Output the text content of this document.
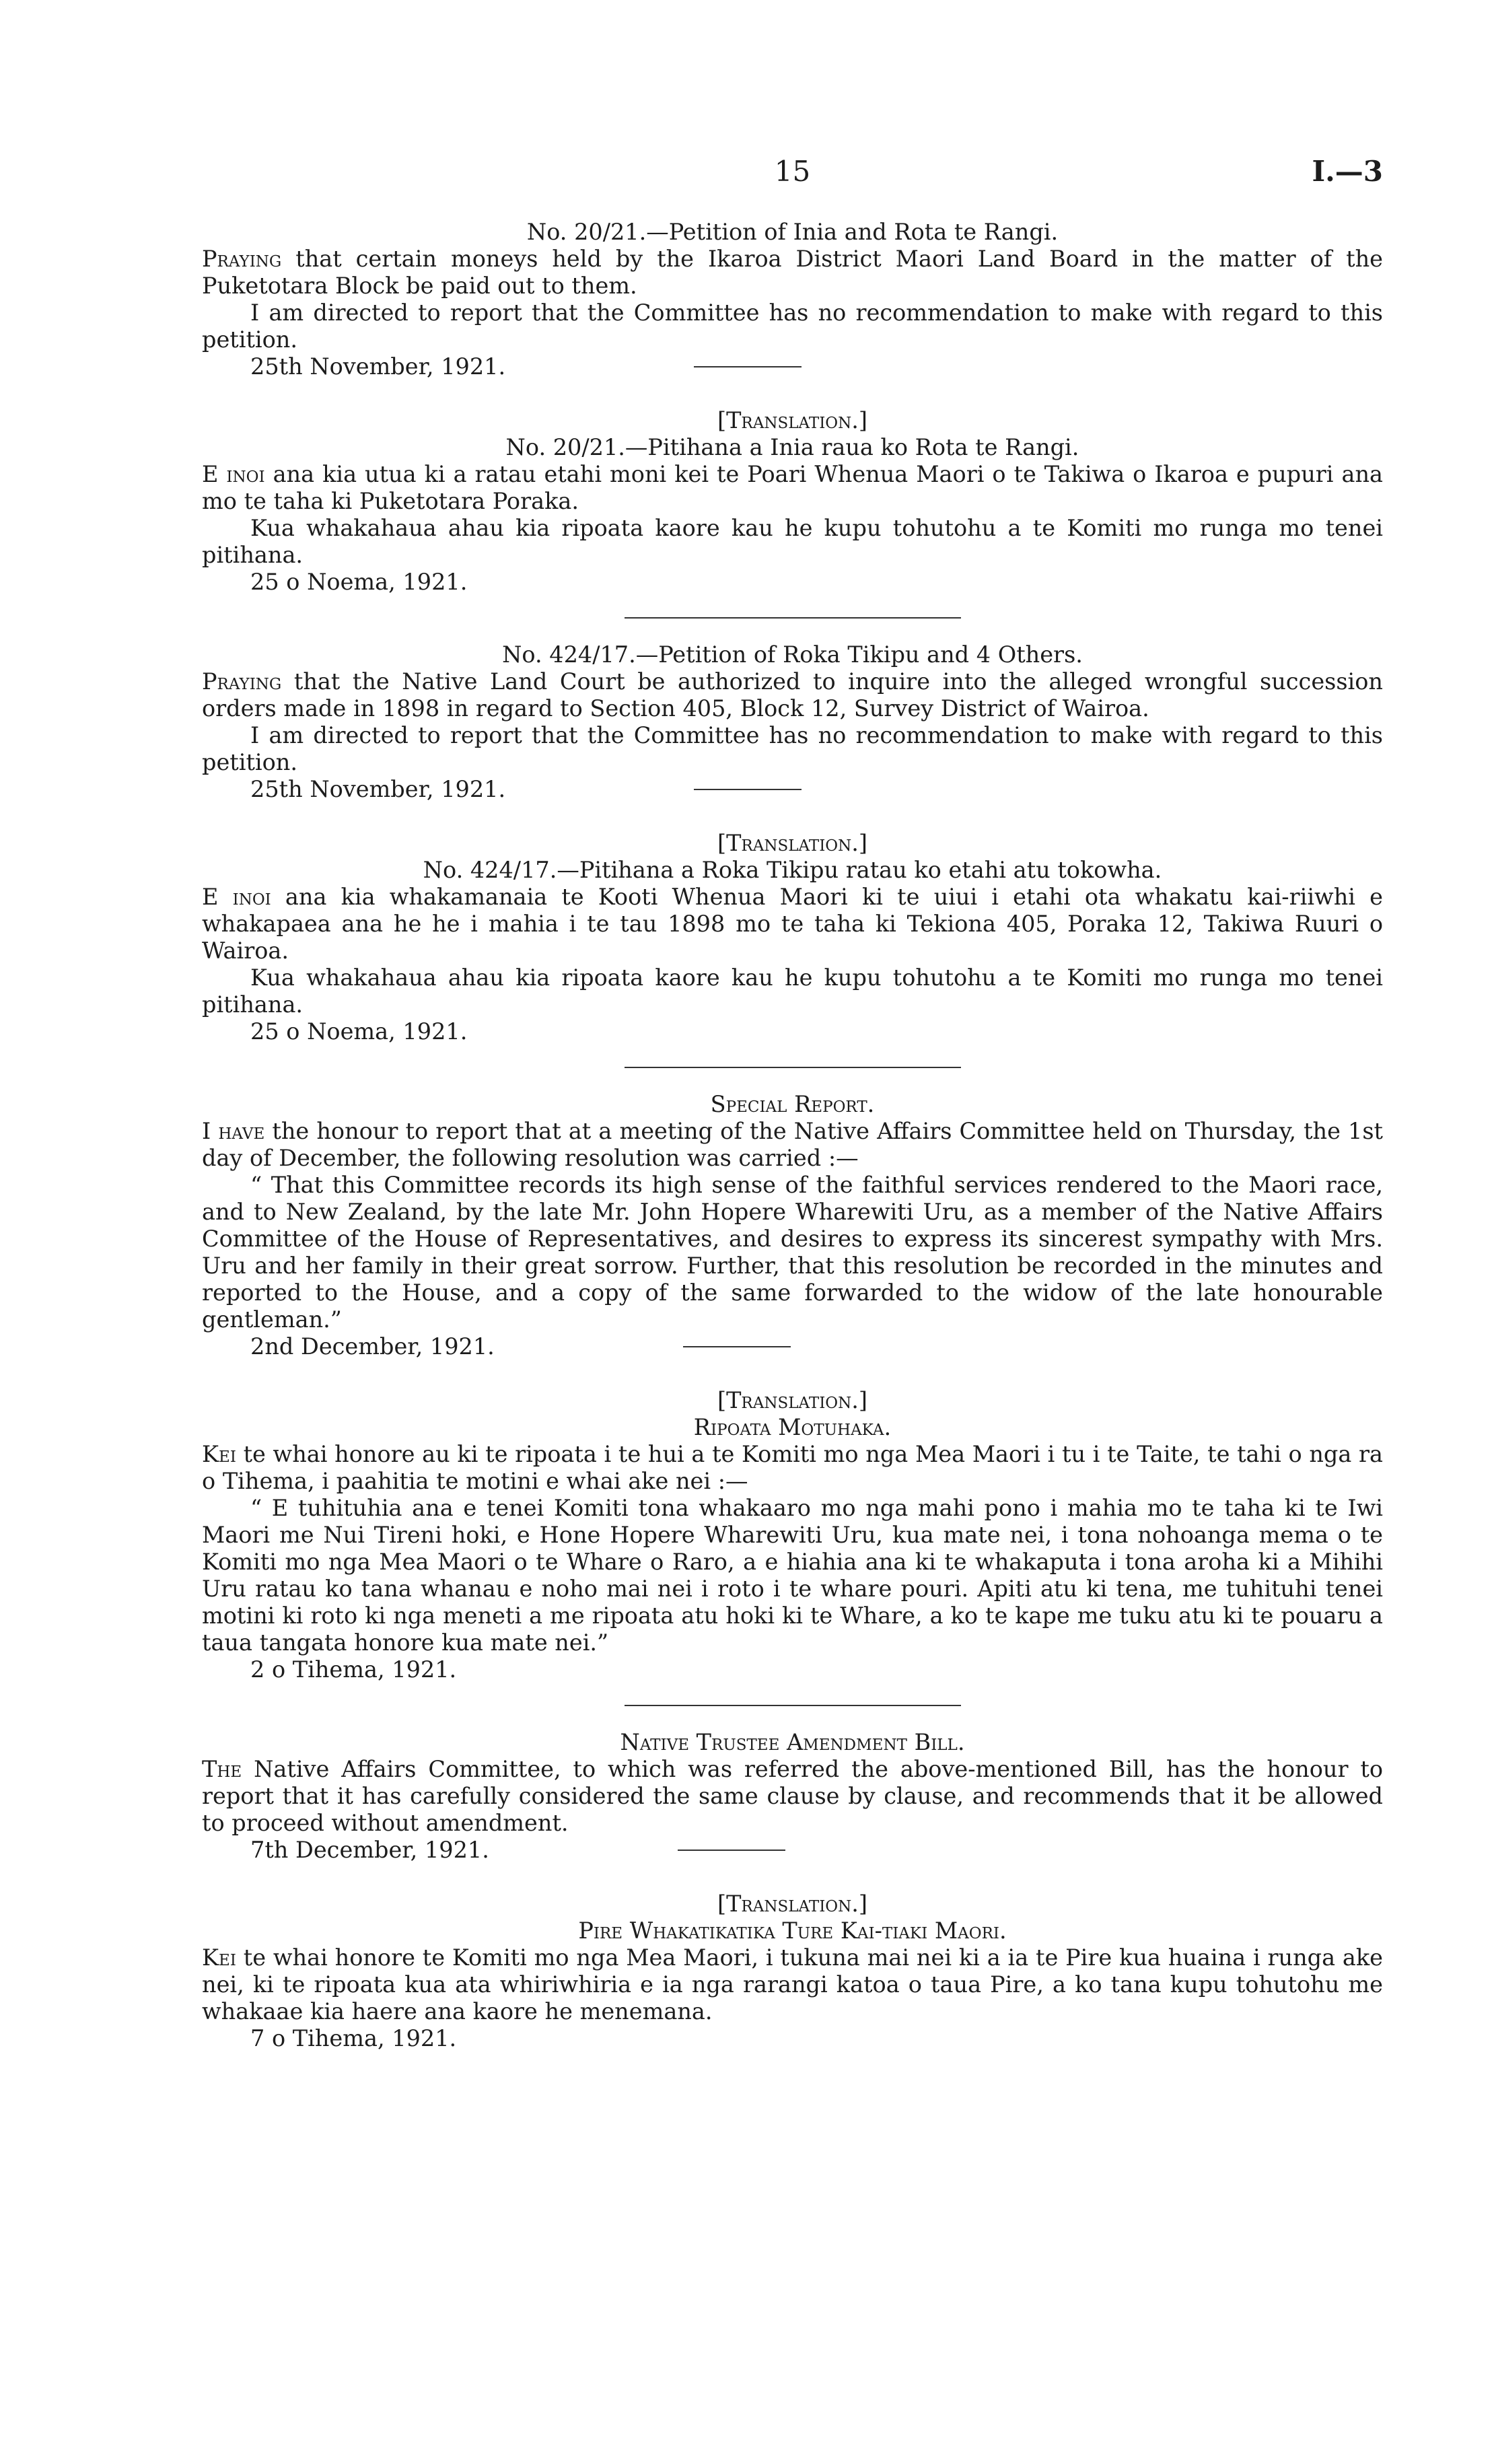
15	I.—3

No. 20/21.—Petition of Inia and Rota te Rangi.

Praying that certain moneys held by the Ikaroa District Maori Land Board in the matter of the Puketotara Block be paid out to them.

I am directed to report that the Committee has no recommendation to make with regard to this petition.

25th November, 1921.

[Translation.]

No. 20/21.—Pitihana a Inia raua ko Rota te Rangi.

E inoi ana kia utua ki a ratau etahi moni kei te Poari Whenua Maori o te Takiwa o Ikaroa e pupuri ana mo te taha ki Puketotara Poraka.

Kua whakahaua ahau kia ripoata kaore kau he kupu tohutohu a te Komiti mo runga mo tenei pitihana.

25 o Noema, 1921.

No. 424/17.—Petition of Roka Tikipu and 4 Others.

Praying that the Native Land Court be authorized to inquire into the alleged wrongful succession orders made in 1898 in regard to Section 405, Block 12, Survey District of Wairoa.

I am directed to report that the Committee has no recommendation to make with regard to this petition.

25th November, 1921.

[Translation.]

No. 424/17.—Pitihana a Roka Tikipu ratau ko etahi atu tokowha.

E inoi ana kia whakamanaia te Kooti Whenua Maori ki te uiui i etahi ota whakatu kai-riiwhi e whakapaea ana he he i mahia i te tau 1898 mo te taha ki Tekiona 405, Poraka 12, Takiwa Ruuri o Wairoa.

Kua whakahaua ahau kia ripoata kaore kau he kupu tohutohu a te Komiti mo runga mo tenei pitihana.

25 o Noema, 1921.

Special Report.

I have the honour to report that at a meeting of the Native Affairs Committee held on Thursday, the 1st day of December, the following resolution was carried :—

“ That this Committee records its high sense of the faithful services rendered to the Maori race, and to New Zealand, by the late Mr. John Hopere Wharewiti Uru, as a member of the Native Affairs Committee of the House of Representatives, and desires to express its sincerest sympathy with Mrs. Uru and her family in their great sorrow. Further, that this resolution be recorded in the minutes and reported to the House, and a copy of the same forwarded to the widow of the late honourable gentleman.”

2nd December, 1921.

[Translation.]

Ripoata Motuhaka.

Kei te whai honore au ki te ripoata i te hui a te Komiti mo nga Mea Maori i tu i te Taite, te tahi o nga ra o Tihema, i paahitia te motini e whai ake nei :—

“ E tuhituhia ana e tenei Komiti tona whakaaro mo nga mahi pono i mahia mo te taha ki te Iwi Maori me Nui Tireni hoki, e Hone Hopere Wharewiti Uru, kua mate nei, i tona nohoanga mema o te Komiti mo nga Mea Maori o te Whare o Raro, a e hiahia ana ki te whakaputa i tona aroha ki a Mihihi Uru ratau ko tana whanau e noho mai nei i roto i te whare pouri. Apiti atu ki tena, me tuhituhi tenei motini ki roto ki nga meneti a me ripoata atu hoki ki te Whare, a ko te kape me tuku atu ki te pouaru a taua tangata honore kua mate nei.”

2 o Tihema, 1921.

Native Trustee Amendment Bill.

The Native Affairs Committee, to which was referred the above-mentioned Bill, has the honour to report that it has carefully considered the same clause by clause, and recommends that it be allowed to proceed without amendment.

7th December, 1921.

[Translation.]

Pire Whakatikatika Ture Kai-tiaki Maori.

Kei te whai honore te Komiti mo nga Mea Maori, i tukuna mai nei ki a ia te Pire kua huaina i runga ake nei, ki te ripoata kua ata whiriwhiria e ia nga rarangi katoa o taua Pire, a ko tana kupu tohutohu me whakaae kia haere ana kaore he menemana.

7 o Tihema, 1921.
